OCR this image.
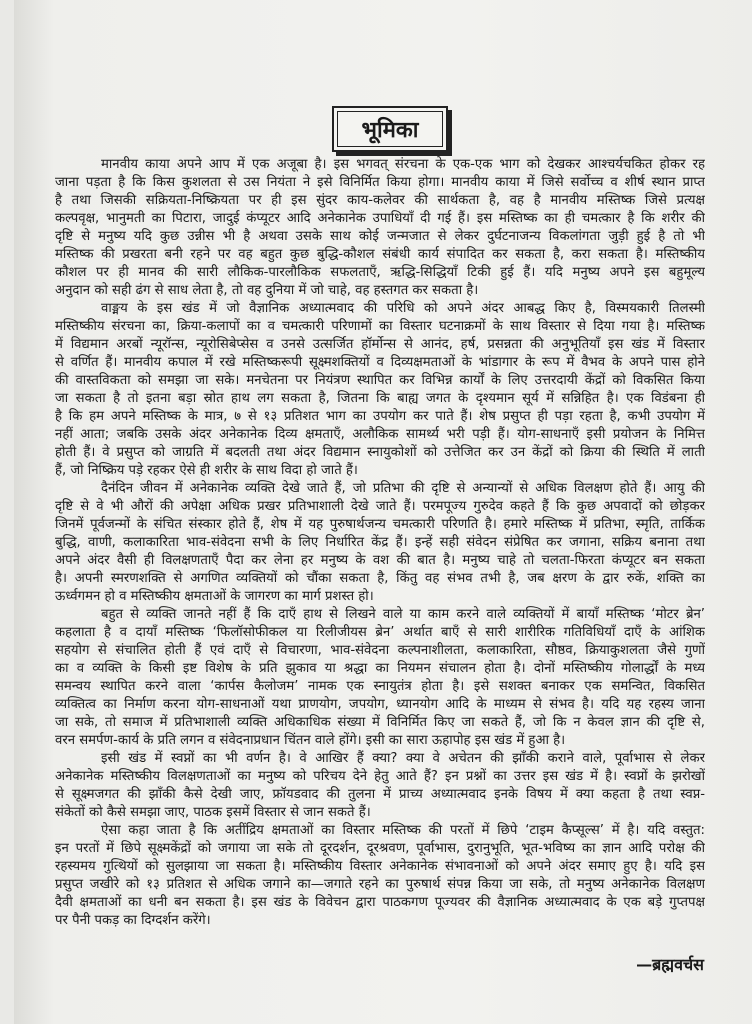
भूमिका
मानवीय काया अपने आप में एक अजूबा है। इस भगवत् संरचना के एक-एक भाग को देखकर आश्चर्यचकित होकर रह
जाना पड़ता है कि किस कुशलता से उस नियंता ने इसे विनिर्मित किया होगा। मानवीय काया में जिसे सर्वोच्च व शीर्ष स्थान प्राप्त
है तथा जिसकी सक्रियता-निष्क्रियता पर ही इस सुंदर काय-कलेवर की सार्थकता है, वह है मानवीय मस्तिष्क जिसे प्रत्यक्ष
कल्पवृक्ष, भानुमती का पिटारा, जादुई कंप्यूटर आदि अनेकानेक उपाधियाँ दी गई हैं। इस मस्तिष्क का ही चमत्कार है कि शरीर की
दृष्टि से मनुष्य यदि कुछ उन्नीस भी है अथवा उसके साथ कोई जन्मजात से लेकर दुर्घटनाजन्य विकलांगता जुड़ी हुई है तो भी
मस्तिष्क की प्रखरता बनी रहने पर वह बहुत कुछ बुद्धि-कौशल संबंधी कार्य संपादित कर सकता है, करा सकता है। मस्तिष्कीय
कौशल पर ही मानव की सारी लौकिक-पारलौकिक सफलताएँ, ऋद्धि-सिद्धियाँ टिकी हुई हैं। यदि मनुष्य अपने इस बहुमूल्य
अनुदान को सही ढंग से साध लेता है, तो वह दुनिया में जो चाहे, वह हस्तगत कर सकता है।
वाङ्मय के इस खंड में जो वैज्ञानिक अध्यात्मवाद की परिधि को अपने अंदर आबद्ध किए है, विस्मयकारी तिलस्मी
मस्तिष्कीय संरचना का, क्रिया-कलापों का व चमत्कारी परिणामों का विस्तार घटनाक्रमों के साथ विस्तार से दिया गया है। मस्तिष्क
में विद्यमान अरबों न्यूरॉन्स, न्यूरोसिबेप्सेस व उनसे उत्सर्जित हॉर्मोन्स से आनंद, हर्ष, प्रसन्नता की अनुभूतियाँ इस खंड में विस्तार
से वर्णित हैं। मानवीय कपाल में रखे मस्तिष्करूपी सूक्ष्मशक्तियों व दिव्यक्षमताओं के भांडागार के रूप में वैभव के अपने पास होने
की वास्तविकता को समझा जा सके। मनचेतना पर नियंत्रण स्थापित कर विभिन्न कार्यों के लिए उत्तरदायी केंद्रों को विकसित किया
जा सकता है तो इतना बड़ा स्रोत हाथ लग सकता है, जितना कि बाह्य जगत के दृश्यमान सूर्य में सन्निहित है। एक विडंबना ही
है कि हम अपने मस्तिष्क के मात्र, ७ से १३ प्रतिशत भाग का उपयोग कर पाते हैं। शेष प्रसुप्त ही पड़ा रहता है, कभी उपयोग में
नहीं आता; जबकि उसके अंदर अनेकानेक दिव्य क्षमताएँ, अलौकिक सामर्थ्य भरी पड़ी हैं। योग-साधनाएँ इसी प्रयोजन के निमित्त
होती हैं। वे प्रसुप्त को जाग्रति में बदलती तथा अंदर विद्यमान स्नायुकोशों को उत्तेजित कर उन केंद्रों को क्रिया की स्थिति में लाती
हैं, जो निष्क्रिय पड़े रहकर ऐसे ही शरीर के साथ विदा हो जाते हैं।
दैनंदिन जीवन में अनेकानेक व्यक्ति देखे जाते हैं, जो प्रतिभा की दृष्टि से अन्यान्यों से अधिक विलक्षण होते हैं। आयु की
दृष्टि से वे भी औरों की अपेक्षा अधिक प्रखर प्रतिभाशाली देखे जाते हैं। परमपूज्य गुरुदेव कहते हैं कि कुछ अपवादों को छोड़कर
जिनमें पूर्वजन्मों के संचित संस्कार होते हैं, शेष में यह पुरुषार्थजन्य चमत्कारी परिणति है। हमारे मस्तिष्क में प्रतिभा, स्मृति, तार्किक
बुद्धि, वाणी, कलाकारिता भाव-संवेदना सभी के लिए निर्धारित केंद्र हैं। इन्हें सही संवेदन संप्रेषित कर जगाना, सक्रिय बनाना तथा
अपने अंदर वैसी ही विलक्षणताएँ पैदा कर लेना हर मनुष्य के वश की बात है। मनुष्य चाहे तो चलता-फिरता कंप्यूटर बन सकता
है। अपनी स्मरणशक्ति से अगणित व्यक्तियों को चौंका सकता है, किंतु वह संभव तभी है, जब क्षरण के द्वार रुकें, शक्ति का
ऊर्ध्वगमन हो व मस्तिष्कीय क्षमताओं के जागरण का मार्ग प्रशस्त हो।
बहुत से व्यक्ति जानते नहीं हैं कि दाएँ हाथ से लिखने वाले या काम करने वाले व्यक्तियों में बायाँ मस्तिष्क ‘मोटर ब्रेन’
कहलाता है व दायाँ मस्तिष्क ‘फिलॉसोफीकल या रिलीजीयस ब्रेन’ अर्थात बाएँ से सारी शारीरिक गतिविधियाँ दाएँ के आंशिक
सहयोग से संचालित होती हैं एवं दाएँ से विचारणा, भाव-संवेदना कल्पनाशीलता, कलाकारिता, सौष्ठव, क्रियाकुशलता जैसे गुणों
का व व्यक्ति के किसी इष्ट विशेष के प्रति झुकाव या श्रद्धा का नियमन संचालन होता है। दोनों मस्तिष्कीय गोलार्द्धों के मध्य
समन्वय स्थापित करने वाला ‘कार्पस कैलोजम’ नामक एक स्नायुतंत्र होता है। इसे सशक्त बनाकर एक समन्वित, विकसित
व्यक्तित्व का निर्माण करना योग-साधनाओं यथा प्राणयोग, जपयोग, ध्यानयोग आदि के माध्यम से संभव है। यदि यह रहस्य जाना
जा सके, तो समाज में प्रतिभाशाली व्यक्ति अधिकाधिक संख्या में विनिर्मित किए जा सकते हैं, जो कि न केवल ज्ञान की दृष्टि से,
वरन समर्पण-कार्य के प्रति लगन व संवेदनाप्रधान चिंतन वाले होंगे। इसी का सारा ऊहापोह इस खंड में हुआ है।
इसी खंड में स्वप्नों का भी वर्णन है। वे आखिर हैं क्या? क्या वे अचेतन की झाँकी कराने वाले, पूर्वाभास से लेकर
अनेकानेक मस्तिष्कीय विलक्षणताओं का मनुष्य को परिचय देने हेतु आते हैं? इन प्रश्नों का उत्तर इस खंड में है। स्वप्नों के झरोखों
से सूक्ष्मजगत की झाँकी कैसे देखी जाए, फ्रॉयडवाद की तुलना में प्राच्य अध्यात्मवाद इनके विषय में क्या कहता है तथा स्वप्न-
संकेतों को कैसे समझा जाए, पाठक इसमें विस्तार से जान सकते हैं।
ऐसा कहा जाता है कि अतींद्रिय क्षमताओं का विस्तार मस्तिष्क की परतों में छिपे ‘टाइम कैप्सूल्स’ में है। यदि वस्तुत:
इन परतों में छिपे सूक्ष्मकेंद्रों को जगाया जा सके तो दूरदर्शन, दूरश्रवण, पूर्वाभास, दुरानुभूति, भूत-भविष्य का ज्ञान आदि परोक्ष की
रहस्यमय गुत्थियों को सुलझाया जा सकता है। मस्तिष्कीय विस्तार अनेकानेक संभावनाओं को अपने अंदर समाए हुए है। यदि इस
प्रसुप्त जखीरे को १३ प्रतिशत से अधिक जगाने का—जगाते रहने का पुरुषार्थ संपन्न किया जा सके, तो मनुष्य अनेकानेक विलक्षण
दैवी क्षमताओं का धनी बन सकता है। इस खंड के विवेचन द्वारा पाठकगण पूज्यवर की वैज्ञानिक अध्यात्मवाद के एक बड़े गुप्तपक्ष
पर पैनी पकड़ का दिग्दर्शन करेंगे।
—ब्रह्मवर्चस
